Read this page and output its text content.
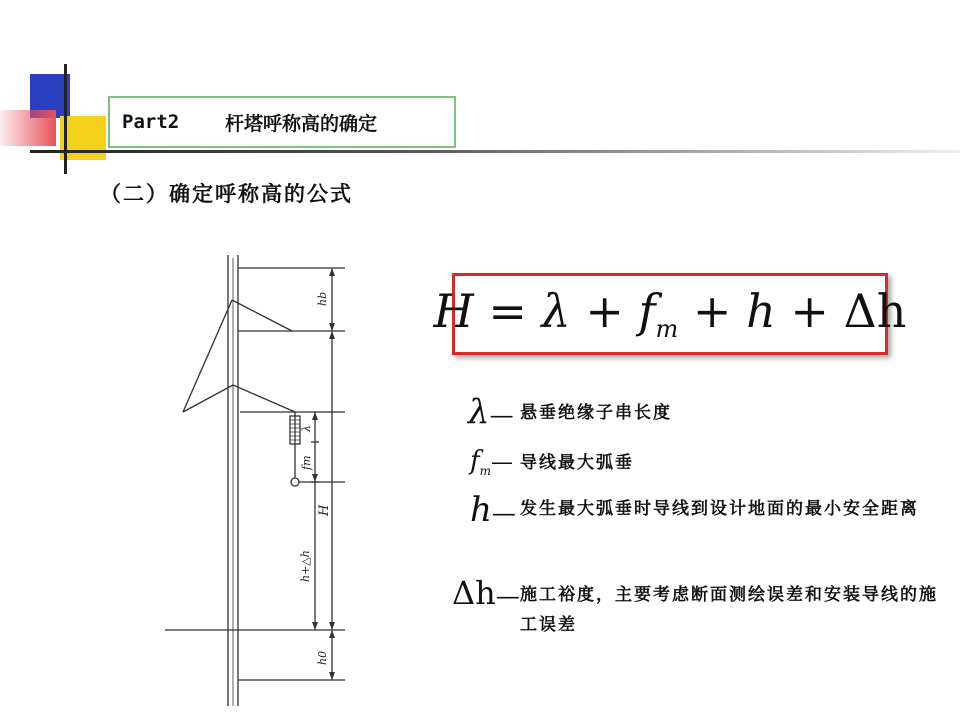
Part2
杆塔呼称高的确定
（二）确定呼称高的公式
hb
λ
fm
H
h+△h
h0
$H = \lambda + f_m + h + \Delta h$
λ— 悬垂绝缘子串长度
$f_m—$ 导线最大弧垂
h— 发生最大弧垂时导线到设计地面的最小安全距离
Δh— 施工裕度，主要考虑断面测绘误差和安装导线的施工误差
